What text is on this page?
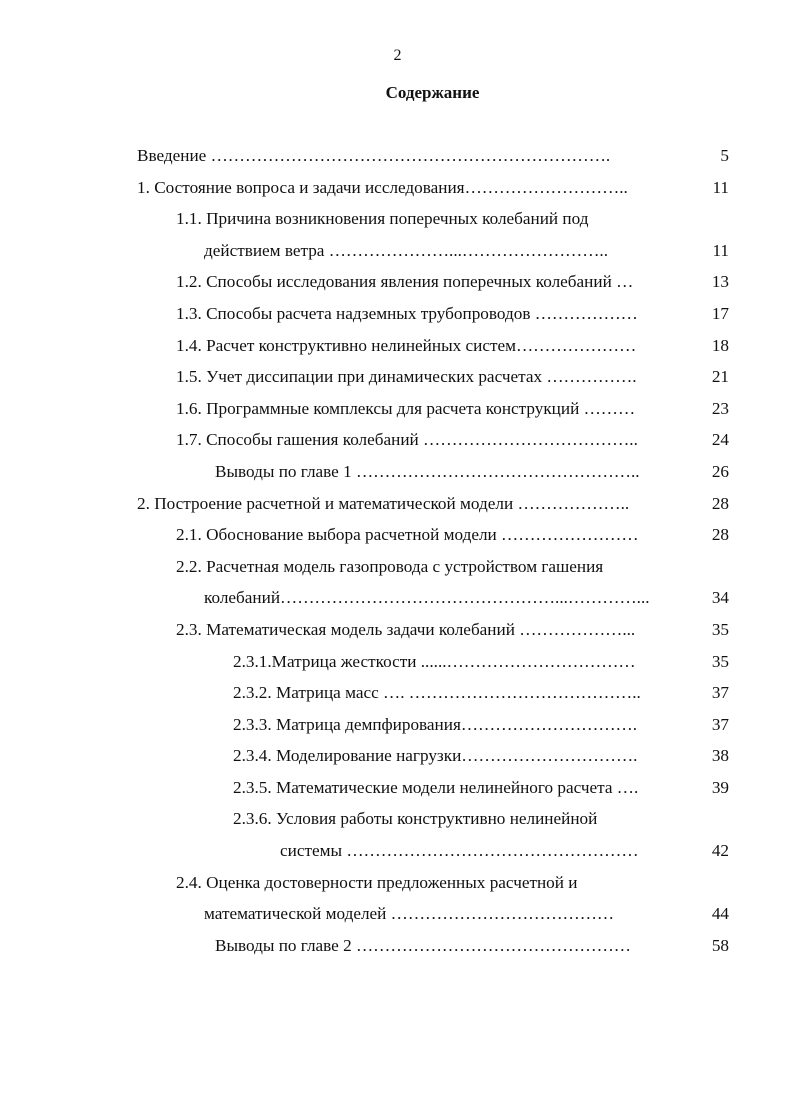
2
Содержание
Введение …………………………………………………………….	5
1. Состояние вопроса и задачи исследования………………………..	11
1.1. Причина возникновения поперечных колебаний под
действием ветра …………………...……………………..	11
1.2. Способы исследования явления поперечных колебаний …	13
1.3. Способы расчета надземных трубопроводов ………………	17
1.4. Расчет конструктивно нелинейных систем…………………	18
1.5. Учет диссипации при динамических расчетах …………….	21
1.6. Программные комплексы для расчета конструкций ………	23
1.7. Способы гашения колебаний ………………………………..	24
Выводы по главе 1 …………………………………………..	26
2. Построение расчетной и математической модели ………………..	28
2.1. Обоснование выбора расчетной модели ……………………	28
2.2. Расчетная модель газопровода с устройством гашения
колебаний…………………………………………...…………...	34
2.3. Математическая модель задачи колебаний ………………...	35
2.3.1.Матрица жесткости ......……………………………	35
2.3.2. Матрица масс …. …………………………………..	37
2.3.3. Матрица демпфирования………………………….	37
2.3.4. Моделирование нагрузки………………………….	38
2.3.5. Математические модели нелинейного расчета ….	39
2.3.6. Условия работы конструктивно нелинейной
системы ……………………………………………	42
2.4. Оценка достоверности предложенных расчетной и
математической моделей …………………………………	44
Выводы по главе 2 …………………………………………	58
